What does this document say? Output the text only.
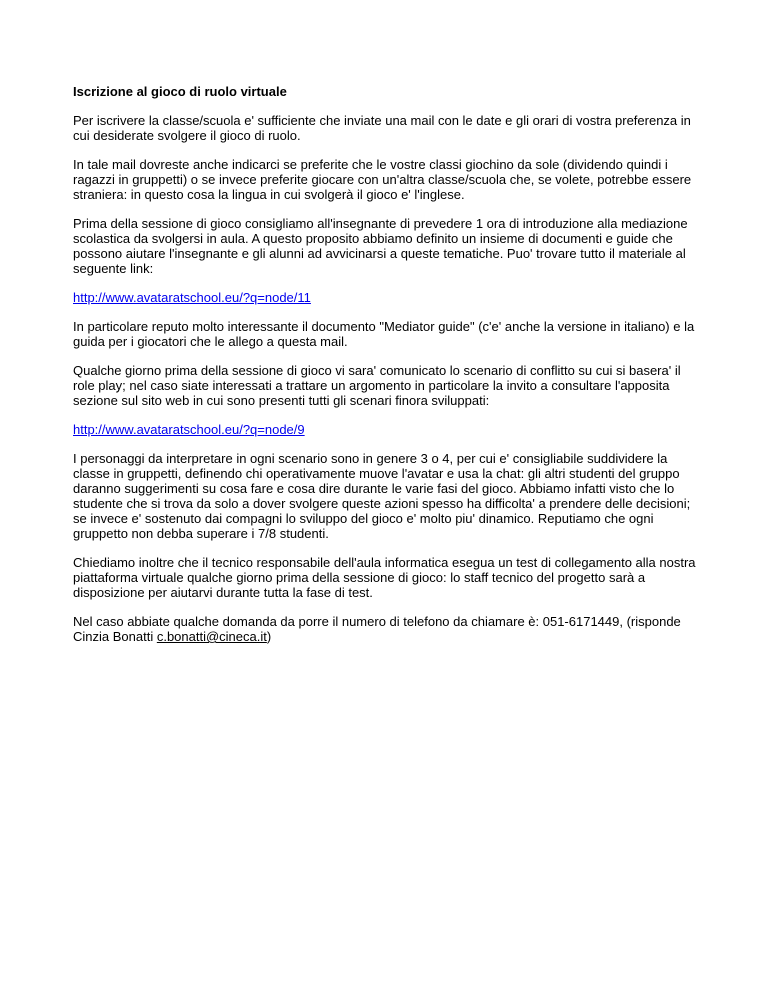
Iscrizione al gioco di ruolo virtuale

Per iscrivere la classe/scuola e' sufficiente che inviate una mail con le date e gli orari di vostra preferenza in cui desiderate svolgere il gioco di ruolo.

In tale mail dovreste anche indicarci se preferite che le vostre classi giochino da sole (dividendo quindi i ragazzi in gruppetti) o se invece preferite giocare con un'altra classe/scuola che, se volete, potrebbe essere straniera: in questo cosa la lingua in cui svolgerà il gioco e' l'inglese.

Prima della sessione di gioco consigliamo all'insegnante di prevedere 1 ora di introduzione alla mediazione scolastica da svolgersi in aula. A questo proposito abbiamo definito un insieme di documenti e guide che possono aiutare l'insegnante e gli alunni ad avvicinarsi a queste tematiche. Puo' trovare tutto il materiale al seguente link:

http://www.avataratschool.eu/?q=node/11

In particolare reputo molto interessante il documento "Mediator guide" (c'e' anche la versione in italiano) e la guida per i giocatori che le allego a questa mail.

Qualche giorno prima della sessione di gioco vi sara' comunicato lo scenario di conflitto su cui si basera' il role play; nel caso siate interessati a trattare un argomento in particolare la invito a consultare l'apposita sezione sul sito web in cui sono presenti tutti gli scenari finora sviluppati:

http://www.avataratschool.eu/?q=node/9

I personaggi da interpretare in ogni scenario sono in genere 3 o 4, per cui e' consigliabile suddividere la classe in gruppetti, definendo chi operativamente muove l'avatar e usa la chat: gli altri studenti del gruppo daranno suggerimenti su cosa fare e cosa dire durante le varie fasi del gioco. Abbiamo infatti visto che lo studente che si trova da solo a dover svolgere queste azioni spesso ha difficolta' a prendere delle decisioni; se invece e' sostenuto dai compagni lo sviluppo del gioco e' molto piu' dinamico. Reputiamo che ogni gruppetto non debba superare i 7/8 studenti.

Chiediamo inoltre che il tecnico responsabile dell'aula informatica esegua un test di collegamento alla nostra piattaforma virtuale qualche giorno prima della sessione di gioco: lo staff tecnico del progetto sarà a disposizione per aiutarvi durante tutta la fase di test.

Nel caso abbiate qualche domanda da porre il numero di telefono da chiamare è: 051-6171449, (risponde Cinzia Bonatti c.bonatti@cineca.it)
